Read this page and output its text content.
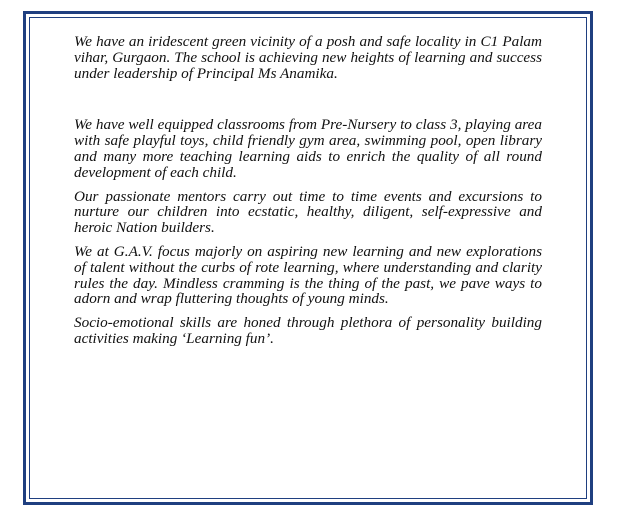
We have an iridescent green vicinity of a posh and safe locality in C1 Palam vihar, Gurgaon. The school is achieving new heights of learning and success under leadership of Principal Ms Anamika.

We have well equipped classrooms from Pre-Nursery to class 3, playing area with safe playful toys, child friendly gym area, swimming pool, open library and many more teaching learning aids to enrich the quality of all round development of each child.

Our passionate mentors carry out time to time events and excursions to nurture our children into ecstatic, healthy, diligent, self-expressive and heroic Nation builders.

We at G.A.V. focus majorly on aspiring new learning and new explorations of talent without the curbs of rote learning, where understanding and clarity rules the day. Mindless cramming is the thing of the past, we pave ways to adorn and wrap fluttering thoughts of young minds.

Socio-emotional skills are honed through plethora of personality building activities making ‘Learning fun’.
